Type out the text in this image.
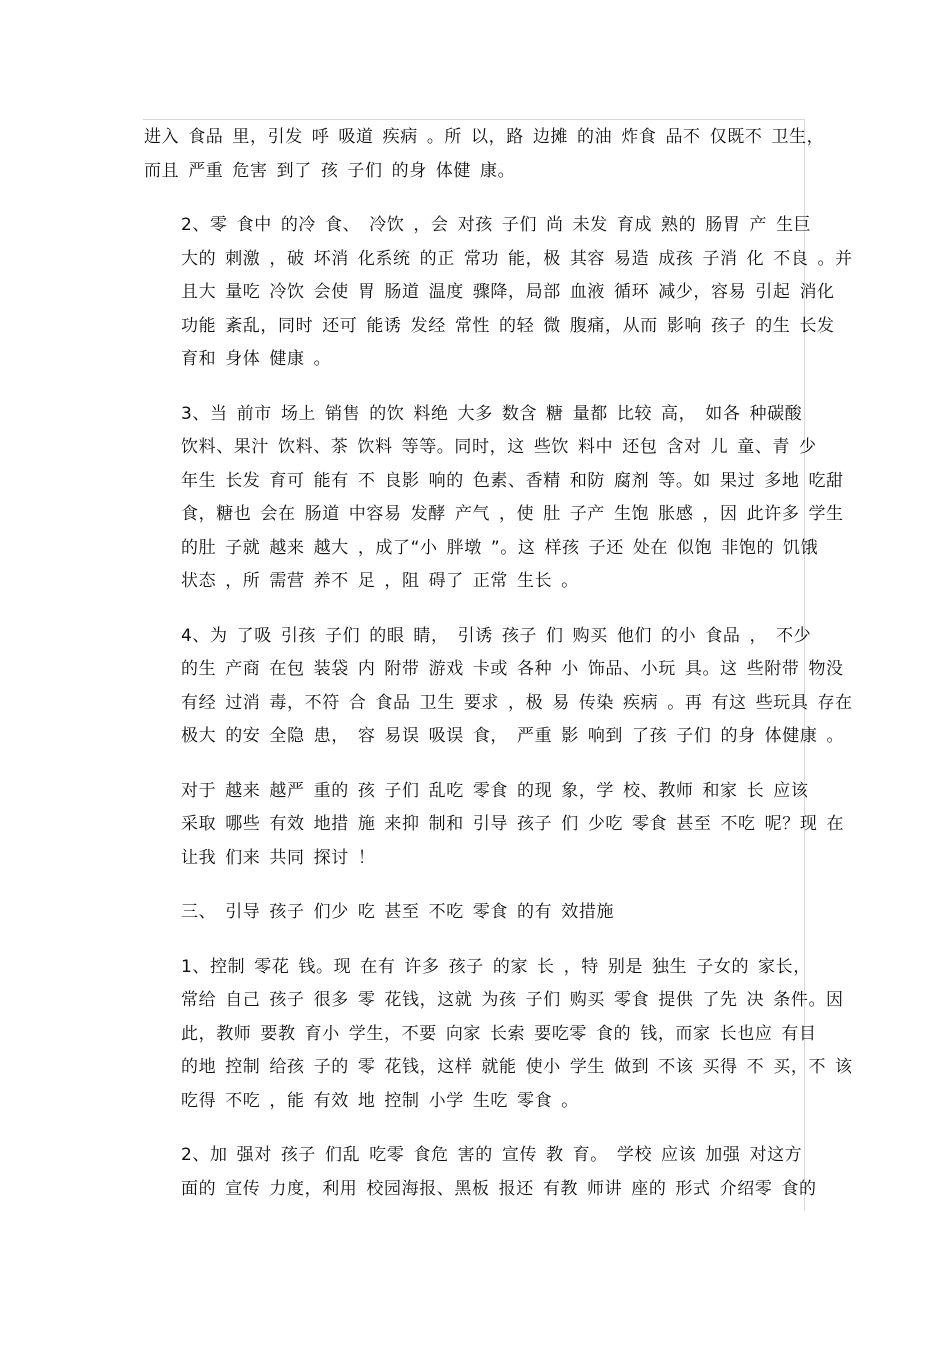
进入 食品 里，引发 呼 吸道 疾病 。所 以，路 边摊 的油 炸食 品不 仅既不 卫生，
而且 严重 危害 到了 孩 子们 的身 体健 康。

2、零 食中 的冷 食、 冷饮 ，会 对孩 子们 尚 未发 育成 熟的 肠胃 产 生巨
大的 刺激 ，破 坏消 化系统 的正 常功 能，极 其容 易造 成孩 子消 化 不良 。并
且大 量吃 冷饮 会使 胃 肠道 温度 骤降，局部 血液 循环 减少，容易 引起 消化
功能 紊乱，同时 还可 能诱 发经 常性 的轻 微 腹痛，从而 影响 孩子 的生 长发
育和 身体 健康 。

3、当 前市 场上 销售 的饮 料绝 大多 数含 糖 量都 比较 高， 如各 种碳酸
饮料、果汁 饮料、茶 饮料 等等。同时，这 些饮 料中 还包 含对 儿 童、青 少
年生 长发 育可 能有 不 良影 响的 色素、香精 和防 腐剂 等。如 果过 多地 吃甜
食，糖也 会在 肠道 中容易 发酵 产气 ，使 肚 子产 生饱 胀感 ，因 此许多 学生
的肚 子就 越来 越大 ，成了“小 胖墩 ”。这 样孩 子还 处在 似饱 非饱的 饥饿
状态 ，所 需营 养不 足 ，阻 碍了 正常 生长 。

4、为 了吸 引孩 子们 的眼 睛， 引诱 孩子 们 购买 他们 的小 食品 ， 不少
的生 产商 在包 装袋 内 附带 游戏 卡或 各种 小 饰品、小玩 具。这 些附带 物没
有经 过消 毒，不符 合 食品 卫生 要求 ，极 易 传染 疾病 。再 有这 些玩具 存在
极大 的安 全隐 患， 容 易误 吸误 食， 严重 影 响到 了孩 子们 的身 体健康 。

对于 越来 越严 重的 孩 子们 乱吃 零食 的现 象，学 校、教师 和家 长 应该
采取 哪些 有效 地措 施 来抑 制和 引导 孩子 们 少吃 零食 甚至 不吃 呢？现 在
让我 们来 共同 探讨 ！

三、 引导 孩子 们少 吃 甚至 不吃 零食 的有 效措施

1、控制 零花 钱。现 在有 许多 孩子 的家 长 ，特 别是 独生 子女的 家长，
常给 自己 孩子 很多 零 花钱，这就 为孩 子们 购买 零食 提供 了先 决 条件。因
此，教师 要教 育小 学生，不要 向家 长索 要吃零 食的 钱，而家 长也应 有目
的地 控制 给孩 子的 零 花钱，这样 就能 使小 学生 做到 不该 买得 不 买，不 该
吃得 不吃 ，能 有效 地 控制 小学 生吃 零食 。

2、加 强对 孩子 们乱 吃零 食危 害的 宣传 教 育。 学校 应该 加强 对这方
面的 宣传 力度，利用 校园海报、黑板 报还 有教 师讲 座的 形式 介绍零 食的
